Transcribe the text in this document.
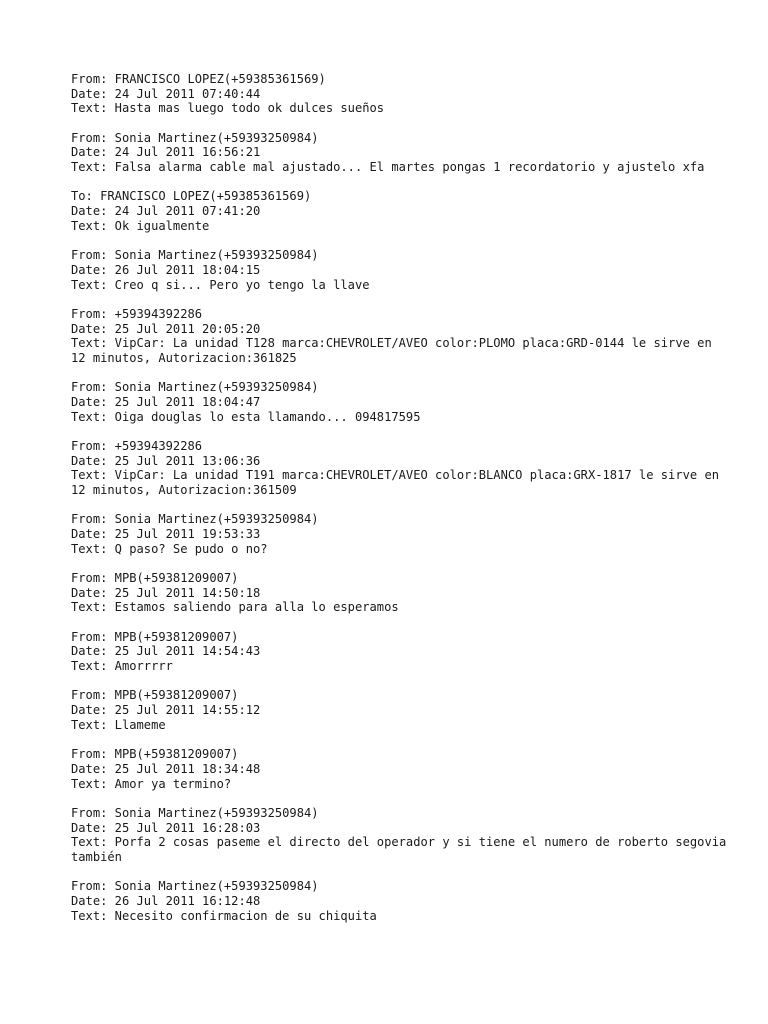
From: FRANCISCO LOPEZ(+59385361569)
Date: 24 Jul 2011 07:40:44
Text: Hasta mas luego todo ok dulces sueños
From: Sonia Martinez(+59393250984)
Date: 24 Jul 2011 16:56:21
Text: Falsa alarma cable mal ajustado... El martes pongas 1 recordatorio y ajustelo xfa
To: FRANCISCO LOPEZ(+59385361569)
Date: 24 Jul 2011 07:41:20
Text: Ok igualmente
From: Sonia Martinez(+59393250984)
Date: 26 Jul 2011 18:04:15
Text: Creo q si... Pero yo tengo la llave
From: +59394392286
Date: 25 Jul 2011 20:05:20
Text: VipCar: La unidad T128 marca:CHEVROLET/AVEO color:PLOMO placa:GRD-0144 le sirve en 12 minutos, Autorizacion:361825
From: Sonia Martinez(+59393250984)
Date: 25 Jul 2011 18:04:47
Text: Oiga douglas lo esta llamando... 094817595
From: +59394392286
Date: 25 Jul 2011 13:06:36
Text: VipCar: La unidad T191 marca:CHEVROLET/AVEO color:BLANCO placa:GRX-1817 le sirve en 12 minutos, Autorizacion:361509
From: Sonia Martinez(+59393250984)
Date: 25 Jul 2011 19:53:33
Text: Q paso? Se pudo o no?
From: MPB(+59381209007)
Date: 25 Jul 2011 14:50:18
Text: Estamos saliendo para alla lo esperamos
From: MPB(+59381209007)
Date: 25 Jul 2011 14:54:43
Text: Amorrrrr
From: MPB(+59381209007)
Date: 25 Jul 2011 14:55:12
Text: Llameme
From: MPB(+59381209007)
Date: 25 Jul 2011 18:34:48
Text: Amor ya termino?
From: Sonia Martinez(+59393250984)
Date: 25 Jul 2011 16:28:03
Text: Porfa 2 cosas paseme el directo del operador y si tiene el numero de roberto segovia también
From: Sonia Martinez(+59393250984)
Date: 26 Jul 2011 16:12:48
Text: Necesito confirmacion de su chiquita
